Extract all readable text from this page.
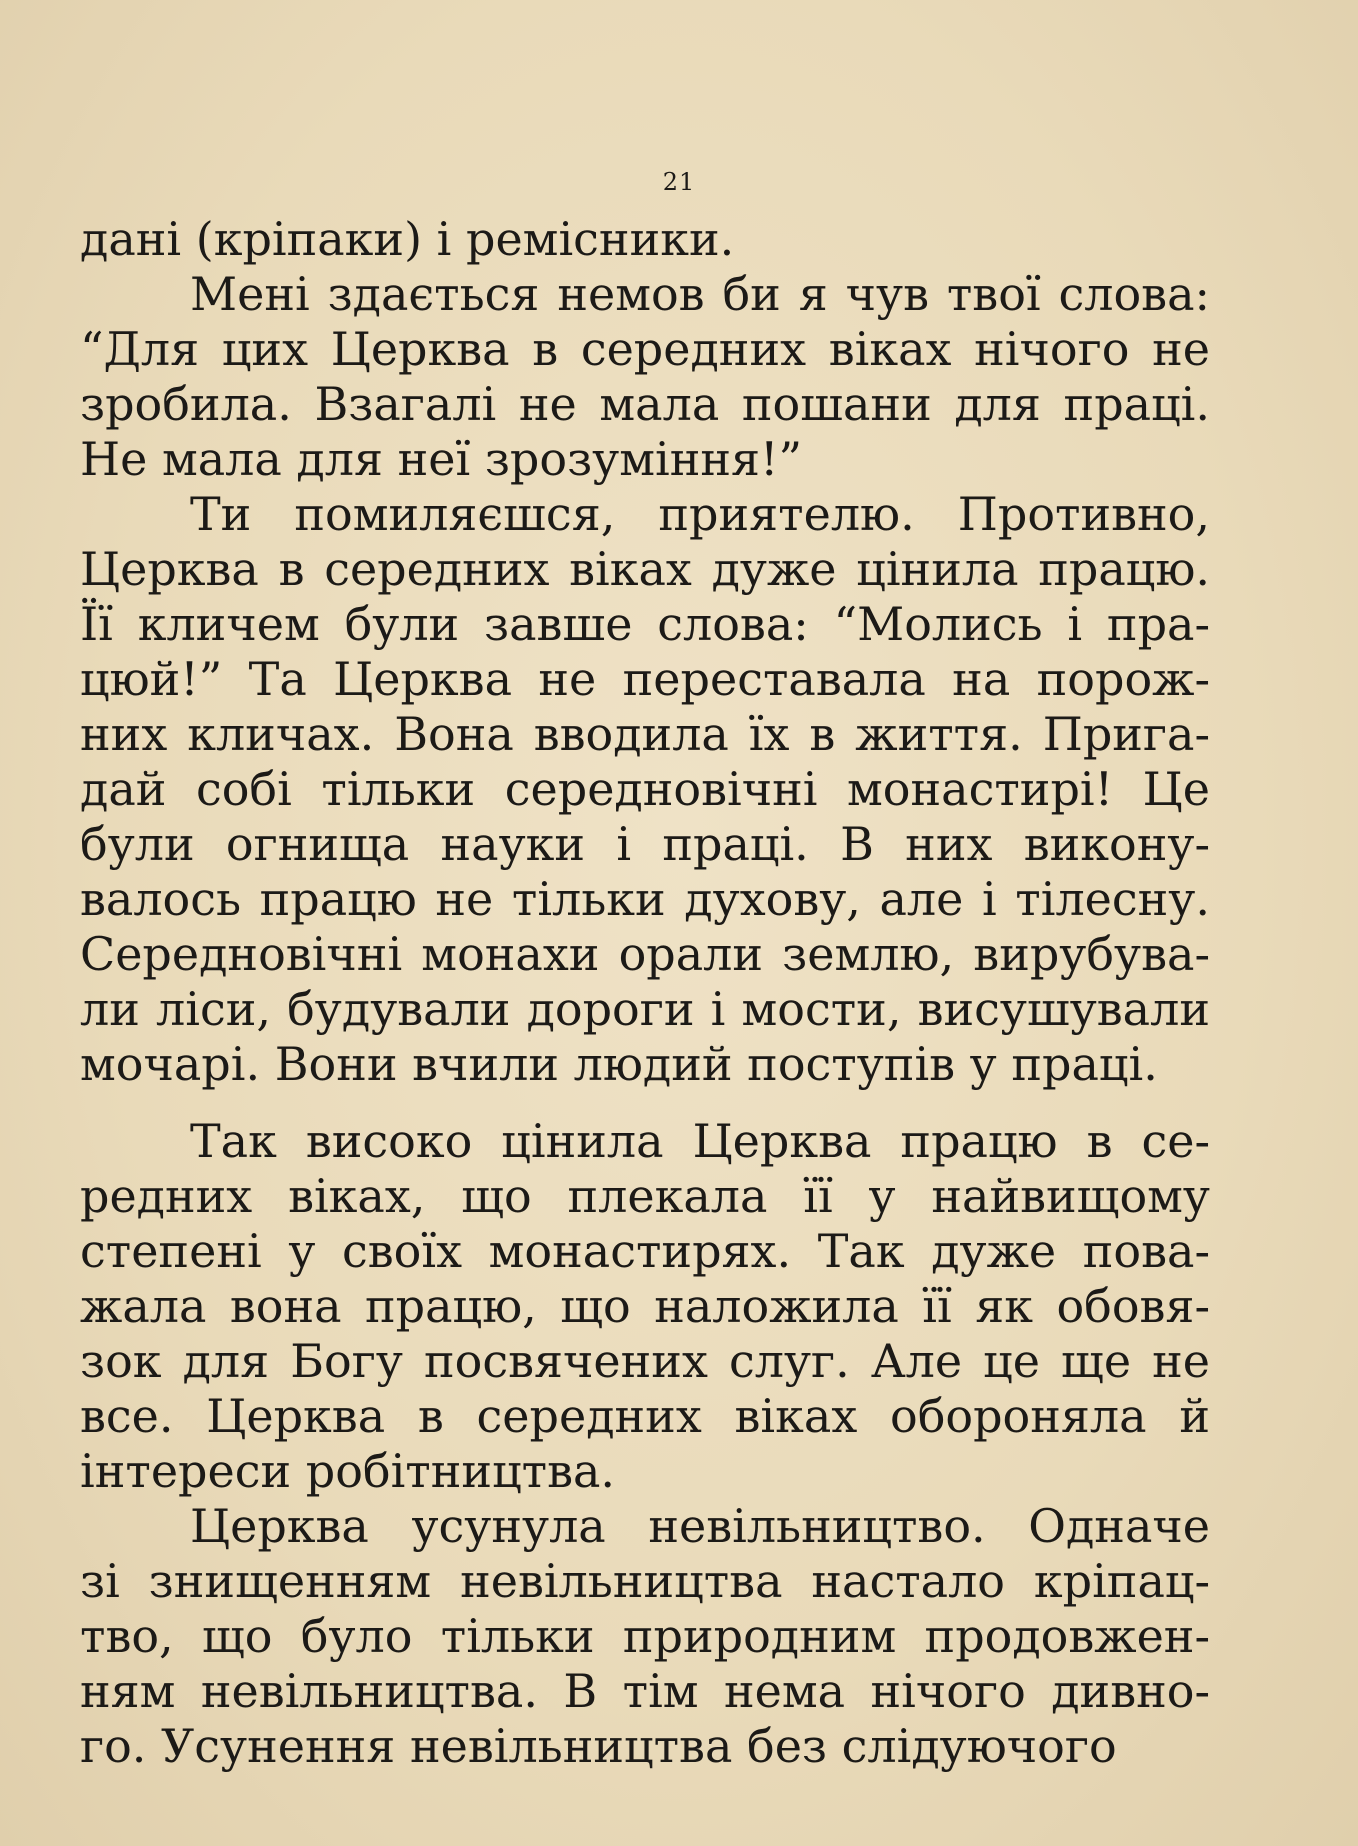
21
дані (кріпаки) і ремісники.
Мені здається немов би я чув твої слова:
“Для цих Церква в середних віках нічого не
зробила. Взагалі не мала пошани для праці.
Не мала для неї зрозуміння!”
Ти помиляєшся, приятелю. Противно,
Церква в середних віках дуже цінила працю.
Її кличем були завше слова: “Молись і пра-
цюй!” Та Церква не переставала на порож-
них кличах. Вона вводила їх в життя. Пригa-
дай собі тільки середновічні монастирі! Це
були огнища науки і праці. В них викону-
валось працю не тільки духову, але і тілесну.
Середновічні монахи орали землю, вирубува-
ли ліси, будували дороги і мости, висушували
мочарі. Вони вчили людий поступів у праці.
Так високо цінила Церква працю в се-
редних віках, що плекала її у найвищому
степені у своїх монастирях. Так дуже пова-
жала вона працю, що наложила її як обовя-
зок для Богу посвячених слуг. Але це ще не
все. Церква в середних віках обороняла й
інтереси робітництва.
Церква усунула невільництво. Одначе
зі знищенням невільництва настало кріпац-
тво, що було тільки природним продовжен-
ням невільництва. В тім нема нічого дивно-
го. Усунення невільництва без слідуючого
